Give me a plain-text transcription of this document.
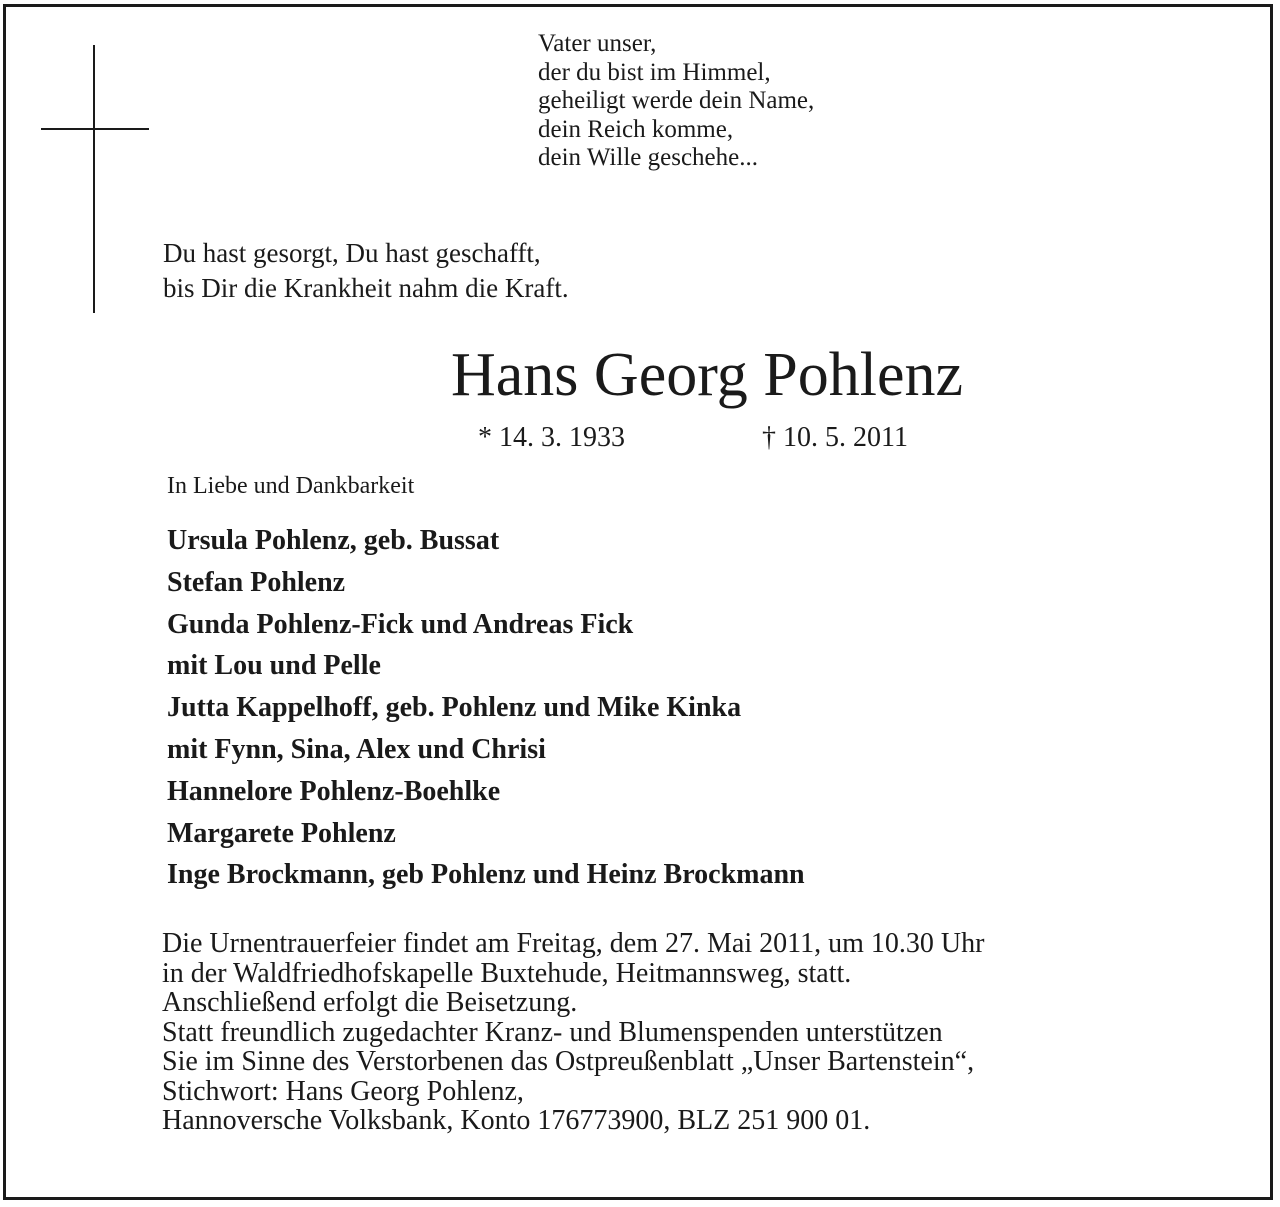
Vater unser,
der du bist im Himmel,
geheiligt werde dein Name,
dein Reich komme,
dein Wille geschehe...
Du hast gesorgt, Du hast geschafft,
bis Dir die Krankheit nahm die Kraft.
Hans Georg Pohlenz
* 14. 3. 1933	† 10. 5. 2011
In Liebe und Dankbarkeit
Ursula Pohlenz, geb. Bussat
Stefan Pohlenz
Gunda Pohlenz-Fick und Andreas Fick
mit Lou und Pelle
Jutta Kappelhoff, geb. Pohlenz und Mike Kinka
mit Fynn, Sina, Alex und Chrisi
Hannelore Pohlenz-Boehlke
Margarete Pohlenz
Inge Brockmann, geb Pohlenz und Heinz Brockmann
Die Urnentrauerfeier findet am Freitag, dem 27. Mai 2011, um 10.30 Uhr
in der Waldfriedhofskapelle Buxtehude, Heitmannsweg, statt.
Anschließend erfolgt die Beisetzung.
Statt freundlich zugedachter Kranz- und Blumenspenden unterstützen
Sie im Sinne des Verstorbenen das Ostpreußenblatt „Unser Bartenstein“,
Stichwort: Hans Georg Pohlenz,
Hannoversche Volksbank, Konto 176773900, BLZ 251 900 01.
